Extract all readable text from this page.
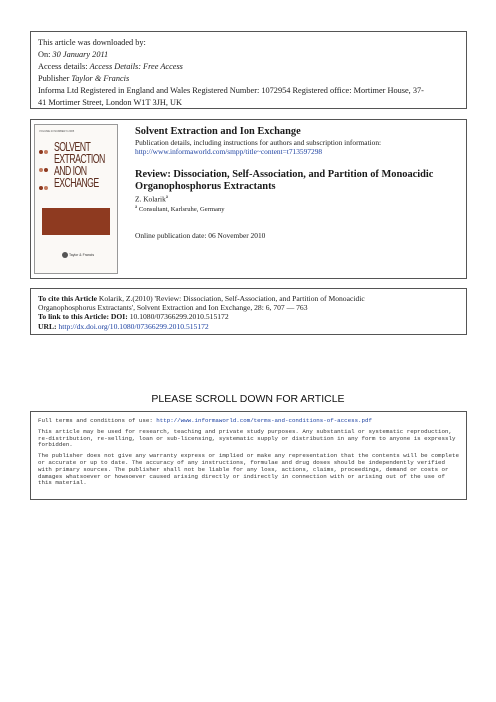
This article was downloaded by:
On: 30 January 2011
Access details: Access Details: Free Access
Publisher Taylor & Francis
Informa Ltd Registered in England and Wales Registered Number: 1072954 Registered office: Mortimer House, 37-
41 Mortimer Street, London W1T 3JH, UK
VOLUME 23 NUMBER 6 2005

SOLVENT
EXTRACTION
AND ION
EXCHANGE
Taylor & Francis
Solvent Extraction and Ion Exchange
Publication details, including instructions for authors and subscription information:
http://www.informaworld.com/smpp/title~content=t713597298
Review: Dissociation, Self-Association, and Partition of Monoacidic
Organophosphorus Extractants
Z. Kolarik$^a$
$^a$ Consultant, Karlsruhe, Germany
Online publication date: 06 November 2010
To cite this Article Kolarik, Z.(2010) 'Review: Dissociation, Self-Association, and Partition of Monoacidic
Organophosphorus Extractants', Solvent Extraction and Ion Exchange, 28: 6, 707 — 763
To link to this Article: DOI: 10.1080/07366299.2010.515172
URL: http://dx.doi.org/10.1080/07366299.2010.515172
PLEASE SCROLL DOWN FOR ARTICLE

Full terms and conditions of use: http://www.informaworld.com/terms-and-conditions-of-access.pdf

This article may be used for research, teaching and private study purposes. Any substantial or systematic reproduction, re-distribution, re-selling, loan or sub-licensing, systematic supply or distribution in any form to anyone is expressly forbidden.

The publisher does not give any warranty express or implied or make any representation that the contents will be complete or accurate or up to date. The accuracy of any instructions, formulae and drug doses should be independently verified with primary sources. The publisher shall not be liable for any loss, actions, claims, proceedings, demand or costs or damages whatsoever or howsoever caused arising directly or indirectly in connection with or arising out of the use of this material.
